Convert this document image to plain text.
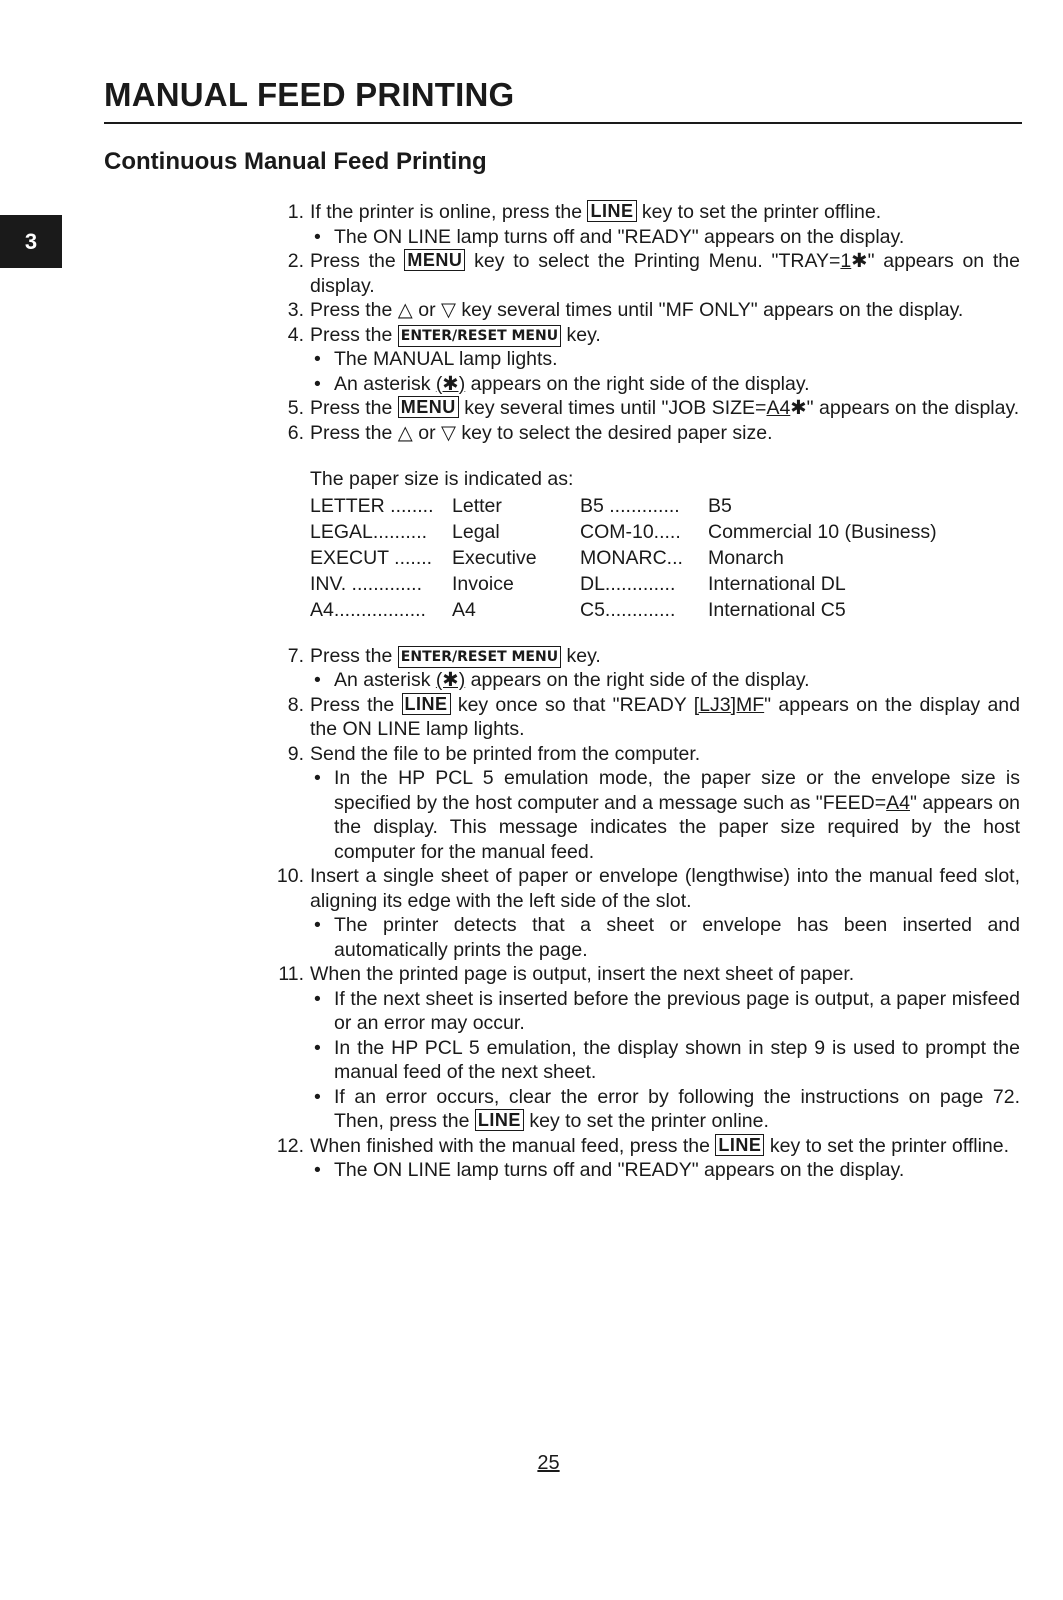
MANUAL FEED PRINTING
Continuous Manual Feed Printing
3
1. If the printer is online, press the LINE key to set the printer offline.
• The ON LINE lamp turns off and "READY" appears on the display.
2. Press the MENU key to select the Printing Menu. "TRAY=1✱" appears on the display.
3. Press the △ or ▽ key several times until "MF ONLY" appears on the display.
4. Press the ENTER/RESET MENU key.
• The MANUAL lamp lights.
• An asterisk (✱) appears on the right side of the display.
5. Press the MENU key several times until "JOB SIZE=A4✱" appears on the display.
6. Press the △ or ▽ key to select the desired paper size.

The paper size is indicated as:

LETTER ........	Letter	B5 .............	B5
LEGAL..........	Legal	COM-10.....	Commercial 10 (Business)
EXECUT .......	Executive	MONARC...	Monarch
INV. .............	Invoice	DL.............	International DL
A4.................	A4	C5.............	International C5
7. Press the ENTER/RESET MENU key.
• An asterisk (✱) appears on the right side of the display.
8. Press the LINE key once so that "READY [LJ3]MF" appears on the display and the ON LINE lamp lights.
9. Send the file to be printed from the computer.
• In the HP PCL 5 emulation mode, the paper size or the envelope size is specified by the host computer and a message such as "FEED=A4" appears on the display. This message indicates the paper size required by the host computer for the manual feed.
10. Insert a single sheet of paper or envelope (lengthwise) into the manual feed slot, aligning its edge with the left side of the slot.
• The printer detects that a sheet or envelope has been inserted and automatically prints the page.
11. When the printed page is output, insert the next sheet of paper.
• If the next sheet is inserted before the previous page is output, a paper misfeed or an error may occur.
• In the HP PCL 5 emulation, the display shown in step 9 is used to prompt the manual feed of the next sheet.
• If an error occurs, clear the error by following the instructions on page 72. Then, press the LINE key to set the printer online.
12. When finished with the manual feed, press the LINE key to set the printer offline.
• The ON LINE lamp turns off and "READY" appears on the display.
25
